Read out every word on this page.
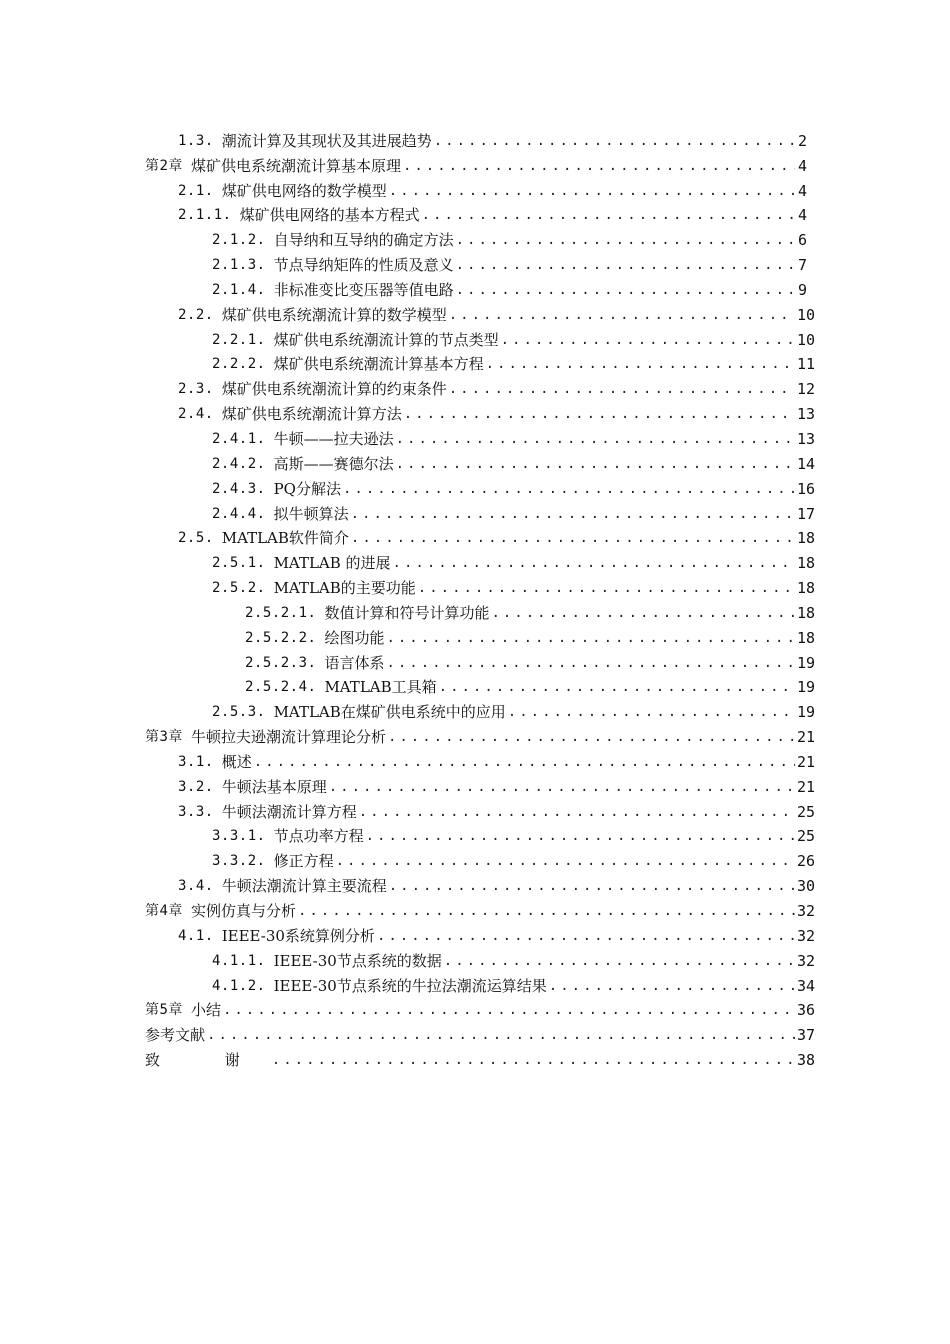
1.3. 潮流计算及其现状及其进展趋势 .....	2
第2章 煤矿供电系统潮流计算基本原理 .....	4
2.1. 煤矿供电网络的数学模型 .....	4
2.1.1. 煤矿供电网络的基本方程式 .....	4
2.1.2. 自导纳和互导纳的确定方法 .....	6
2.1.3. 节点导纳矩阵的性质及意义 .....	7
2.1.4. 非标准变比变压器等值电路 .....	9
2.2. 煤矿供电系统潮流计算的数学模型 .....	10
2.2.1. 煤矿供电系统潮流计算的节点类型 .....	10
2.2.2. 煤矿供电系统潮流计算基本方程 .....	11
2.3. 煤矿供电系统潮流计算的约束条件 .....	12
2.4. 煤矿供电系统潮流计算方法 .....	13
2.4.1. 牛顿——拉夫逊法 .....	13
2.4.2. 高斯——赛德尔法 .....	14
2.4.3. PQ分解法 .....	16
2.4.4. 拟牛顿算法 .....	17
2.5. MATLAB软件简介 .....	18
2.5.1. MATLAB 的进展 .....	18
2.5.2. MATLAB的主要功能 .....	18
2.5.2.1. 数值计算和符号计算功能 .....	18
2.5.2.2. 绘图功能 .....	18
2.5.2.3. 语言体系 .....	19
2.5.2.4. MATLAB工具箱 .....	19
2.5.3. MATLAB在煤矿供电系统中的应用 .....	19
第3章 牛顿拉夫逊潮流计算理论分析 .....	21
3.1. 概述 .....	21
3.2. 牛顿法基本原理 .....	21
3.3. 牛顿法潮流计算方程 .....	25
3.3.1. 节点功率方程 .....	25
3.3.2. 修正方程 .....	26
3.4. 牛顿法潮流计算主要流程 .....	30
第4章 实例仿真与分析 .....	32
4.1. IEEE-30系统算例分析 .....	32
4.1.1. IEEE-30节点系统的数据 .....	32
4.1.2. IEEE-30节点系统的牛拉法潮流运算结果 .....	34
第5章 小结 .....	36
参考文献 .....	37
致 谢 .....	38
